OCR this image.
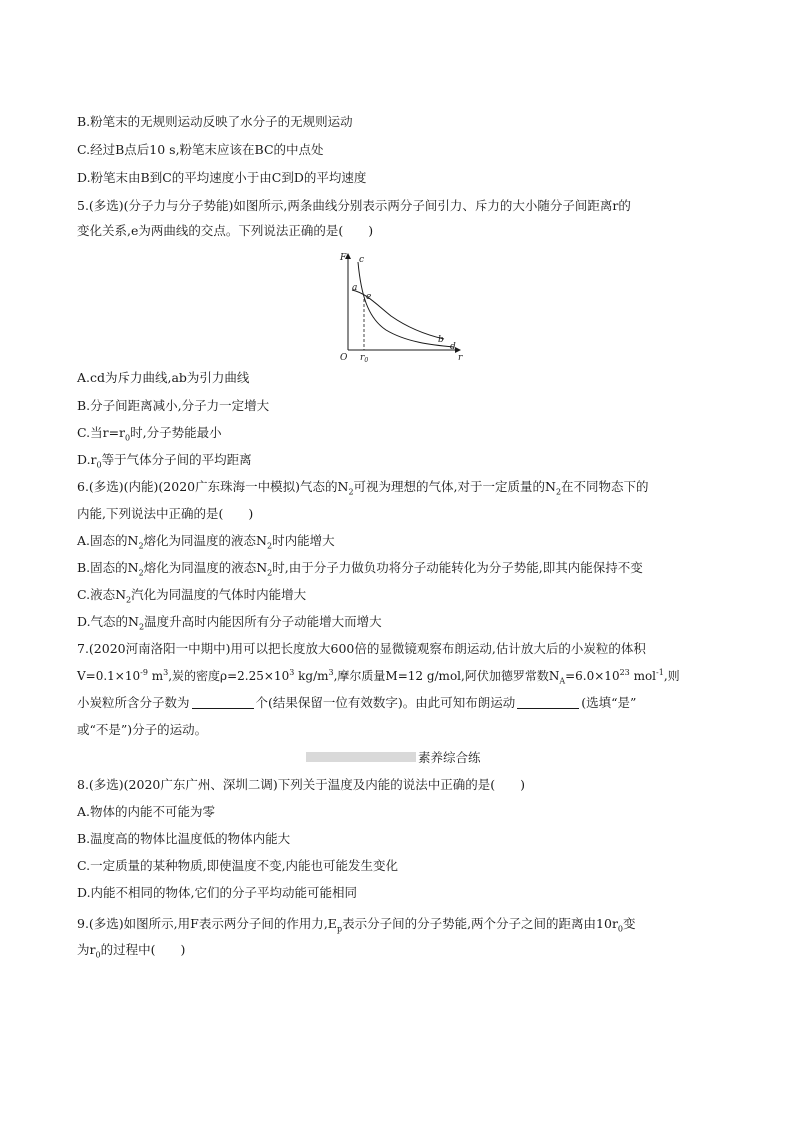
B.粉笔末的无规则运动反映了水分子的无规则运动
C.经过B点后10 s,粉笔末应该在BC的中点处
D.粉笔末由B到C的平均速度小于由C到D的平均速度
5.(多选)(分子力与分子势能)如图所示,两条曲线分别表示两分子间引力、斥力的大小随分子间距离r的
变化关系,e为两曲线的交点。下列说法正确的是(　　)
F
r
O $r_0$
a
b
c
d
e
A.cd为斥力曲线,ab为引力曲线
B.分子间距离减小,分子力一定增大
C.当$r=r_0$时,分子势能最小
$D.r_0$等于气体分子间的平均距离
6.(多选)(内能)(2020广东珠海一中模拟)气态的$N_2$可视为理想的气体,对于一定质量的$N_2$在不同物态下的
内能,下列说法中正确的是(　　)
A.固态的$N_2$熔化为同温度的液态$N_2$时内能增大
B.固态的$N_2$熔化为同温度的液态$N_2$时,由于分子力做负功将分子动能转化为分子势能,即其内能保持不变
C.液态$N_2$汽化为同温度的气体时内能增大
D.气态的$N_2$温度升高时内能因所有分子动能增大而增大
7.(2020河南洛阳一中期中)用可以把长度放大600倍的显微镜观察布朗运动,估计放大后的小炭粒的体积
$V=0.1\times 10^{-9}$ $m^3$,炭的密度$\rho=2.25\times 10^3$ $kg/m^3$,摩尔质量M=12 g/mol,阿伏加德罗常数$N_A=6.0\times 10^{23}$ mol$^{-1}$,则
小炭粒所含分子数为	个(结果保留一位有效数字)。由此可知布朗运动	(选填“是”
或“不是”)分子的运动。
素养综合练
8.(多选)(2020广东广州、深圳二调)下列关于温度及内能的说法中正确的是(　　)
A.物体的内能不可能为零
B.温度高的物体比温度低的物体内能大
C.一定质量的某种物质,即使温度不变,内能也可能发生变化
D.内能不相同的物体,它们的分子平均动能可能相同
9.(多选)如图所示,用F表示两分子间的作用力$,E_p$表示分子间的分子势能,两个分子之间的距离由$10r_0$变
为$r_0$的过程中(　　)
